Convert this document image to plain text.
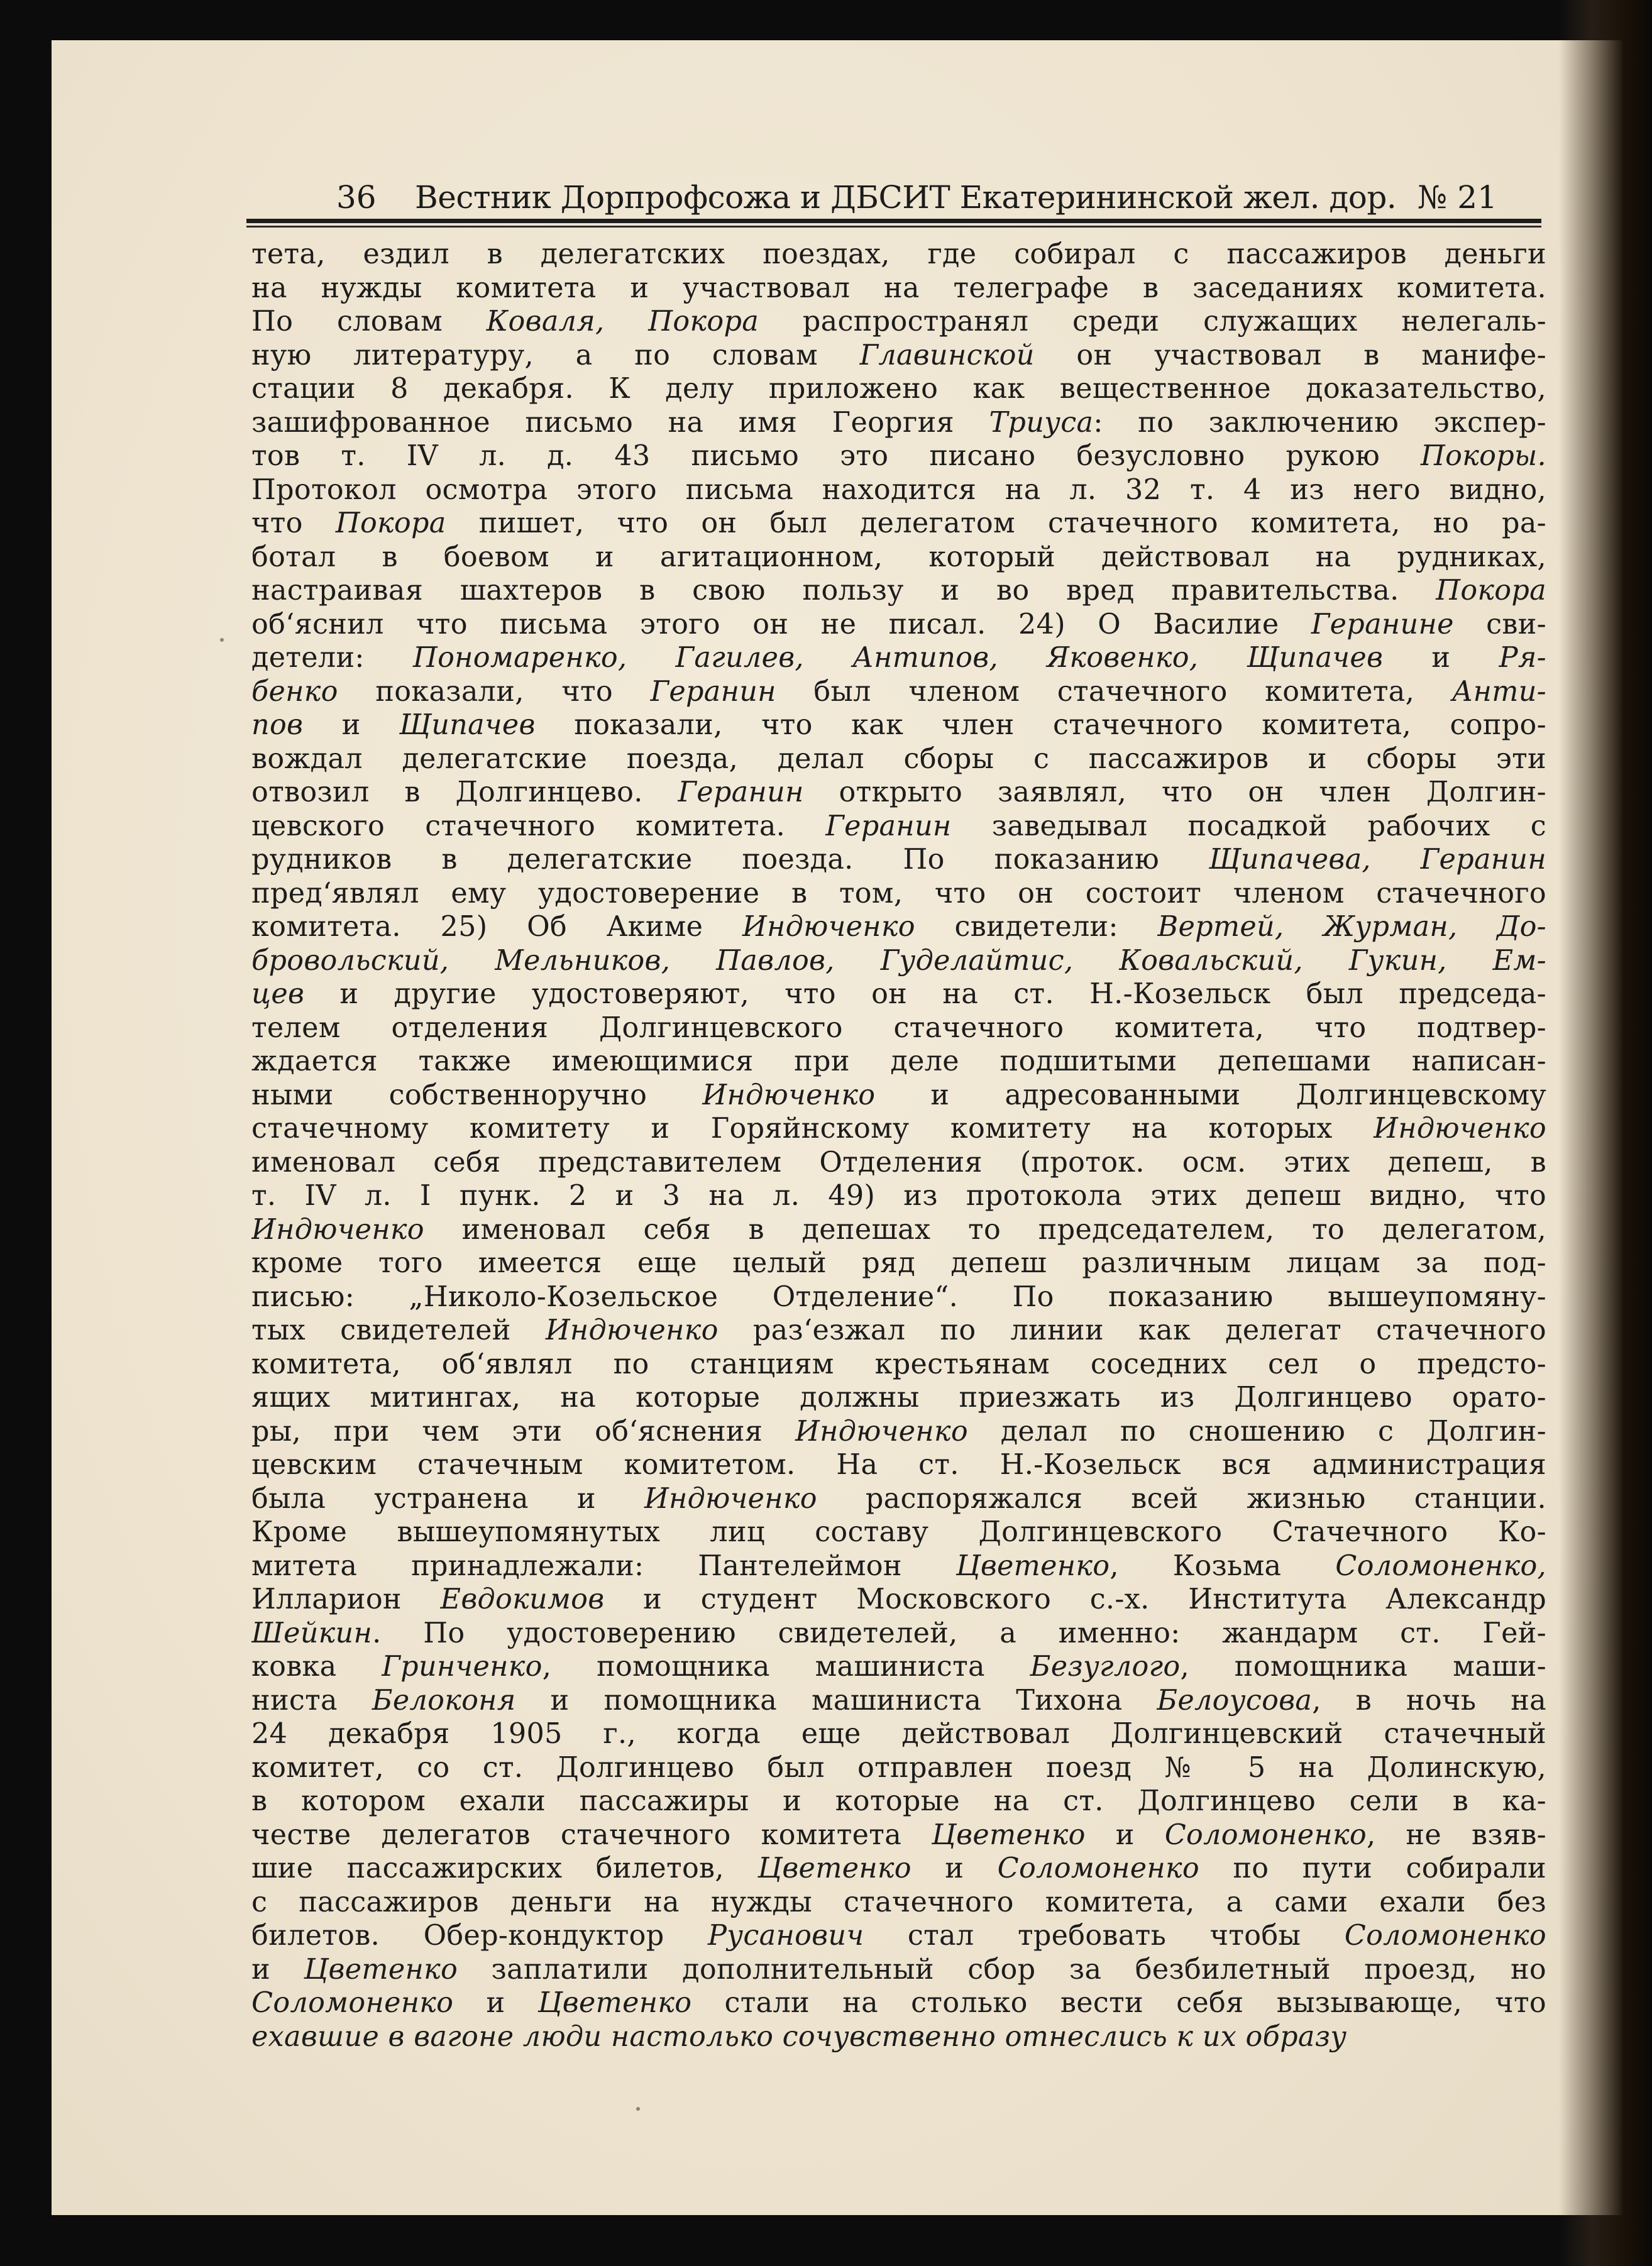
36 Вестник Дорпрофсожа и ДБСИТ Екатерининской жел. дор. № 21
тета, ездил в делегатских поездах, где собирал с пассажиров деньги
на нужды комитета и участвовал на телеграфе в заседаниях комитета.
По словам Коваля, Покора распространял среди служащих нелегаль-
ную литературу, а по словам Главинской он участвовал в манифе-
стации 8 декабря. К делу приложено как вещественное доказательство,
зашифрованное письмо на имя Георгия Триуса: по заключению экспер-
тов т. IV л. д. 43 письмо это писано безусловно рукою Покоры.
Протокол осмотра этого письма находится на л. 32 т. 4 из него видно,
что Покора пишет, что он был делегатом стачечного комитета, но ра-
ботал в боевом и агитационном, который действовал на рудниках,
настраивая шахтеров в свою пользу и во вред правительства. Покора
об‘яснил что письма этого он не писал. 24) О Василие Геранине сви-
детели: Пономаренко, Гагилев, Антипов, Яковенко, Щипачев и Ря-
бенко показали, что Геранин был членом стачечного комитета, Анти-
пов и Щипачев показали, что как член стачечного комитета, сопро-
вождал делегатские поезда, делал сборы с пассажиров и сборы эти
отвозил в Долгинцево. Геранин открыто заявлял, что он член Долгин-
цевского стачечного комитета. Геранин заведывал посадкой рабочих с
рудников в делегатские поезда. По показанию Щипачева, Геранин
пред‘являл ему удостоверение в том, что он состоит членом стачечного
комитета. 25) Об Акиме Индюченко свидетели: Вертей, Журман, До-
бровольский, Мельников, Павлов, Гуделайтис, Ковальский, Гукин, Ем-
цев и другие удостоверяют, что он на ст. Н.-Козельск был председа-
телем отделения Долгинцевского стачечного комитета, что подтвер-
ждается также имеющимися при деле подшитыми депешами написан-
ными собственноручно Индюченко и адресованными Долгинцевскому
стачечному комитету и Горяйнскому комитету на которых Индюченко
именовал себя представителем Отделения (проток. осм. этих депеш, в
т. IV л. I пунк. 2 и 3 на л. 49) из протокола этих депеш видно, что
Индюченко именовал себя в депешах то председателем, то делегатом,
кроме того имеется еще целый ряд депеш различным лицам за под-
писью: „Николо-Козельское Отделение“. По показанию вышеупомяну-
тых свидетелей Индюченко раз‘езжал по линии как делегат стачечного
комитета, об‘являл по станциям крестьянам соседних сел о предсто-
ящих митингах, на которые должны приезжать из Долгинцево орато-
ры, при чем эти об‘яснения Индюченко делал по сношению с Долгин-
цевским стачечным комитетом. На ст. Н.-Козельск вся администрация
была устранена и Индюченко распоряжался всей жизнью станции.
Кроме вышеупомянутых лиц составу Долгинцевского Стачечного Ко-
митета принадлежали: Пантелеймон Цветенко, Козьма Соломоненко,
Илларион Евдокимов и студент Московского с.-х. Института Александр
Шейкин. По удостоверению свидетелей, а именно: жандарм ст. Гей-
ковка Гринченко, помощника машиниста Безуглого, помощника маши-
ниста Белоконя и помощника машиниста Тихона Белоусова, в ночь на
24 декабря 1905 г., когда еще действовал Долгинцевский стачечный
комитет, со ст. Долгинцево был отправлен поезд № 5 на Долинскую,
в котором ехали пассажиры и которые на ст. Долгинцево сели в ка-
честве делегатов стачечного комитета Цветенко и Соломоненко, не взяв-
шие пассажирских билетов, Цветенко и Соломоненко по пути собирали
с пассажиров деньги на нужды стачечного комитета, а сами ехали без
билетов. Обер-кондуктор Русанович стал требовать чтобы Соломоненко
и Цветенко заплатили дополнительный сбор за безбилетный проезд, но
Соломоненко и Цветенко стали на столько вести себя вызывающе, что
ехавшие в вагоне люди настолько сочувственно отнеслись к их образу
